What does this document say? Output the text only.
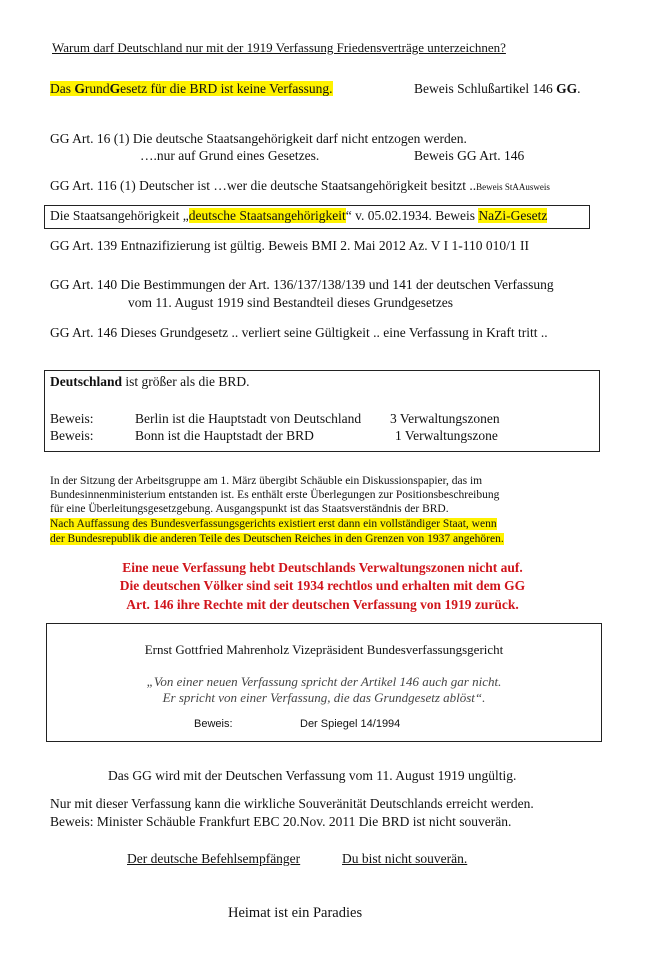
Warum darf Deutschland nur mit der 1919 Verfassung Friedensverträge unterzeichnen?
Das GrundGesetz für die BRD ist keine Verfassung.	Beweis Schlußartikel 146 GG.
GG Art. 16 (1) Die deutsche Staatsangehörigkeit darf nicht entzogen werden.
….nur auf Grund eines Gesetzes.	Beweis GG Art. 146
GG Art. 116 (1) Deutscher ist …wer die deutsche Staatsangehörigkeit besitzt ..Beweis StAAusweis
Die Staatsangehörigkeit „deutsche Staatsangehörigkeit“ v. 05.02.1934. Beweis NaZi-Gesetz
GG Art. 139 Entnazifizierung ist gültig. Beweis BMI 2. Mai 2012 Az. V I 1-110 010/1 II
GG Art. 140 Die Bestimmungen der Art. 136/137/138/139 und 141 der deutschen Verfassung
vom 11. August 1919 sind Bestandteil dieses Grundgesetzes
GG Art. 146 Dieses Grundgesetz .. verliert seine Gültigkeit .. eine Verfassung in Kraft tritt ..
Deutschland ist größer als die BRD.
Beweis:	Berlin ist die Hauptstadt von Deutschland 3 Verwaltungszonen
Beweis:	Bonn ist die Hauptstadt der BRD	1 Verwaltungszone
In der Sitzung der Arbeitsgruppe am 1. März übergibt Schäuble ein Diskussionspapier, das im
Bundesinnenministerium entstanden ist. Es enthält erste Überlegungen zur Positionsbeschreibung
für eine Überleitungsgesetzgebung. Ausgangspunkt ist das Staatsverständnis der BRD.
Nach Auffassung des Bundesverfassungsgerichts existiert erst dann ein vollständiger Staat, wenn
der Bundesrepublik die anderen Teile des Deutschen Reiches in den Grenzen von 1937 angehören.
Eine neue Verfassung hebt Deutschlands Verwaltungszonen nicht auf.
Die deutschen Völker sind seit 1934 rechtlos und erhalten mit dem GG
Art. 146 ihre Rechte mit der deutschen Verfassung von 1919 zurück.
Ernst Gottfried Mahrenholz Vizepräsident Bundesverfassungsgericht
„Von einer neuen Verfassung spricht der Artikel 146 auch gar nicht.
Er spricht von einer Verfassung, die das Grundgesetz ablöst“.
Beweis:	Der Spiegel 14/1994
Das GG wird mit der Deutschen Verfassung vom 11. August 1919 ungültig.
Nur mit dieser Verfassung kann die wirkliche Souveränität Deutschlands erreicht werden.
Beweis: Minister Schäuble Frankfurt EBC 20.Nov. 2011 Die BRD ist nicht souverän.
Der deutsche Befehlsempfänger	Du bist nicht souverän.
Heimat ist ein Paradies
